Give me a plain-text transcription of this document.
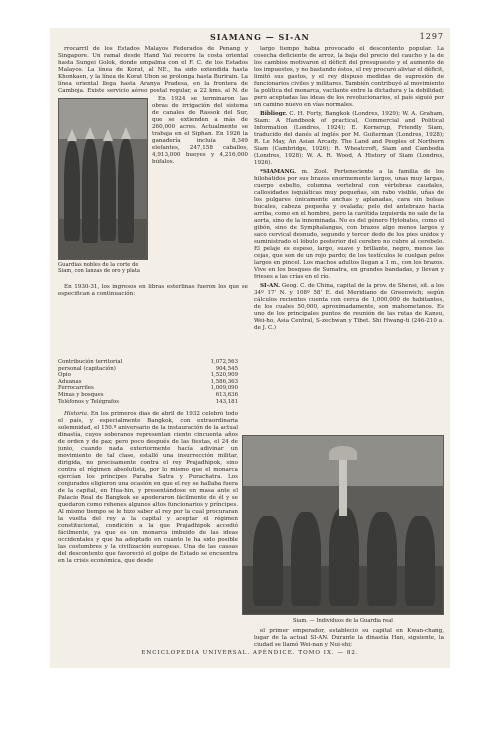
SIAMANG — SI-AN	1297

rrocarril de los Estados Malayos Federados de Penang y Singapore. Un ramal desde Hand Yai recorre la costa oriental hasta Sungei Golok, donde empalma con el F. C. de los Estados Malayos. La línea de Korat, al NE., ha sido extendida hasta Khonkaen, y la línea de Korat Ubon se prolonga hasta Burirain. La línea oriental llega hasta Aranya Pradesa, en la frontera de Camboja. Existe servicio aéreo postal regular, a 22 kms. al N. de

Guardias nobles de la corte de Siam, con lanzas de oro y plata

En 1924 se terminaron las obras de irrigación del sistema de canales de Rassok del Sur, que se extienden a más de 260,000 acres. Actualmente se trabaja en el Siphan. En 1926 la ganadería incluía 8,349 elefantes, 247,158 caballos, 4,913,000 bueyes y 4,216,000 búfalos.

En 1930-31, los ingresos en libras esterlinas fueron los que se especifican a continuación:

Contribución territorial	1,072,563
personal (capitación)	904,545
Opio	1,520,909
Aduanas	1,586,363
Ferrocarriles	1,009,090
Minas y bosques	613,636
Teléfonos y Telégrafos	143,181

Historia. En los primeros días de abril de 1932 celebró todo el país, y especialmente Bangkok, con extraordinaria solemnidad, el 150.º aniversario de la instauración de la actual dinastía, cuyos soberanos representan ciento cincuenta años de orden y de paz; pero poco después de las fiestas, el 24 de junio, cuando nada exteriormente hacía adivinar un movimiento de tal clase, estalló una insurrección militar, dirigida, no precisamente contra el rey Prajadhipok, sino contra el régimen absolutista, por lo mismo que el monarca ejercían los príncipes Paraba Satra y Purachatra. Los conjurados eligieron una ocasión en que el rey se hallaba fuera de la capital, en Hua-hin, y presentándose en masa ante el Palacio Real de Bangkok se apoderaron fácilmente de él y se quedaron como rehenes algunos altos funcionarios y príncipes. Al mismo tiempo se le hizo saber al rey por la cual procuraran la vuelta del rey a la capital y aceptar el régimen constitucional, condición a la que Prajadhipok accedió fácilmente, ya que es un monarca imbuido de las ideas occidentales y que ha adoptado en cuanto le ha sido posible las costumbres y la civilización europeas. Una de las causas del descontento que favoreció el golpe de Estado se encuentra en la crisis económica, que desde

largo tiempo había provocado el descontento popular. La cosecha deficiente de arroz, la baja del precio del caucho y la de los cambios motivaron el déficit del presupuesto y el aumento de los impuestos, y no bastando éstos, el rey procuró aliviar el déficit, limitó sus gastos, y el rey dispuso medidas de supresión de funcionarios civiles y militares. También contribuyó al movimiento la política del monarca, vacilante entre la dictadura y la debilidad; pero aceptadas las ideas de los revolucionarios, el país siguió por un camino nuevo en vías normales.

Bibliogr. C. H. Forty, Bangkok (Londres, 1929); W. A. Graham, Siam: A Handbook of practical, Commercial and Political Information (Londres, 1924); E. Kornerup, Friendly Siam, traducido del danés al inglés por M. Guiterman (Londres, 1928); R. Le May, An Asian Arcady. The Land and Peoples of Northern Siam (Cambridge, 1926); R. Wheatcroft, Siam and Cambodia (Londres, 1928); W. A. R. Wood, A History of Siam (Londres, 1926).

*SIAMANG. m. Zool. Perteneciente a la familia de los hilobátidos por sus brazos enormemente largos, unas muy largas, cuerpo esbelto, columna vertebral con vértebras caudales, callosidades isquiáticas muy pequeñas, sin rabo visible, uñas de los pulgares únicamente anchas y aplanadas, cara sin bolsas bucales, cabeza pequeña y ovalada; pelo del antebrazo hacia arriba, como en el hombre, pero la carótida izquierda no sale de la aorta, sino de la innominada. No es del género Hylobates, como el gibón, sino de Symphalangus, con brazos algo menos largos y saco cervical desnudo, segundo y tercer dedo de los pies unidos y suministrado el lóbulo posterior del cerebro no cubre al cerebelo. El pelaje es espeso, largo, suave y brillante, negro, menos las cejas, que son de un rojo pardo; de los testículos le cuelgan pelos largos en pincel. Los machos adultos llegan a 1 m., con los brazos. Vive en los bosques de Sumatra, en grandes bandadas, y llevan y frieses a las crías en el río.

SI-AN. Geog. C. de China, capital de la prov. de Shensi, sit. a los 34º 17' N. y 108º 58' E. del Meridiano de Greenwich; según cálculos recientes cuenta con cerca de 1,000,000 de habitantes, de los cuales 50,000, aproximadamente, son mahometanos. Es uno de los principales puntos de reunión de las rutas de Kansu, Wei-ho, Asia Central, S-zechwan y Tibet. Shi Hwang-ti (246-210 a. de J. C.)

Siam. — Individuos de la Guardia real

el primer emperador, estableció su capital en Kwan-chang, lugar de la actual SI-AN. Durante la dinastía Han, siguiente, la ciudad se llamó Wei-nan y Nui-shi;

ENCICLOPEDIA UNIVERSAL. APÉNDICE. TOMO IX. — 82.
